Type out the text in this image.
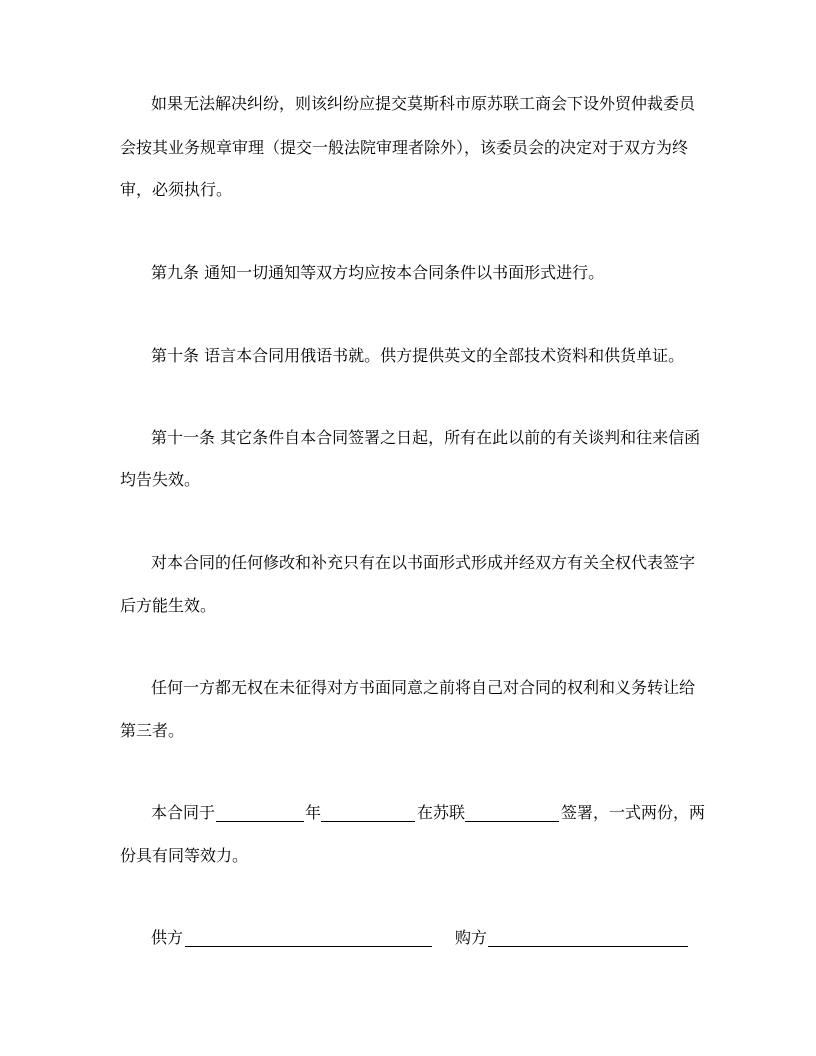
如果无法解决纠纷，则该纠纷应提交莫斯科市原苏联工商会下设外贸仲裁委员
会按其业务规章审理（提交一般法院审理者除外），该委员会的决定对于双方为终
审，必须执行。
第九条 通知一切通知等双方均应按本合同条件以书面形式进行。
第十条 语言本合同用俄语书就。供方提供英文的全部技术资料和供货单证。
第十一条 其它条件自本合同签署之日起，所有在此以前的有关谈判和往来信函
均告失效。
对本合同的任何修改和补充只有在以书面形式形成并经双方有关全权代表签字
后方能生效。
任何一方都无权在未征得对方书面同意之前将自己对合同的权利和义务转让给
第三者。
本合同于	年	在苏联	签署，一式两份，两
份具有同等效力。
供方	购方
